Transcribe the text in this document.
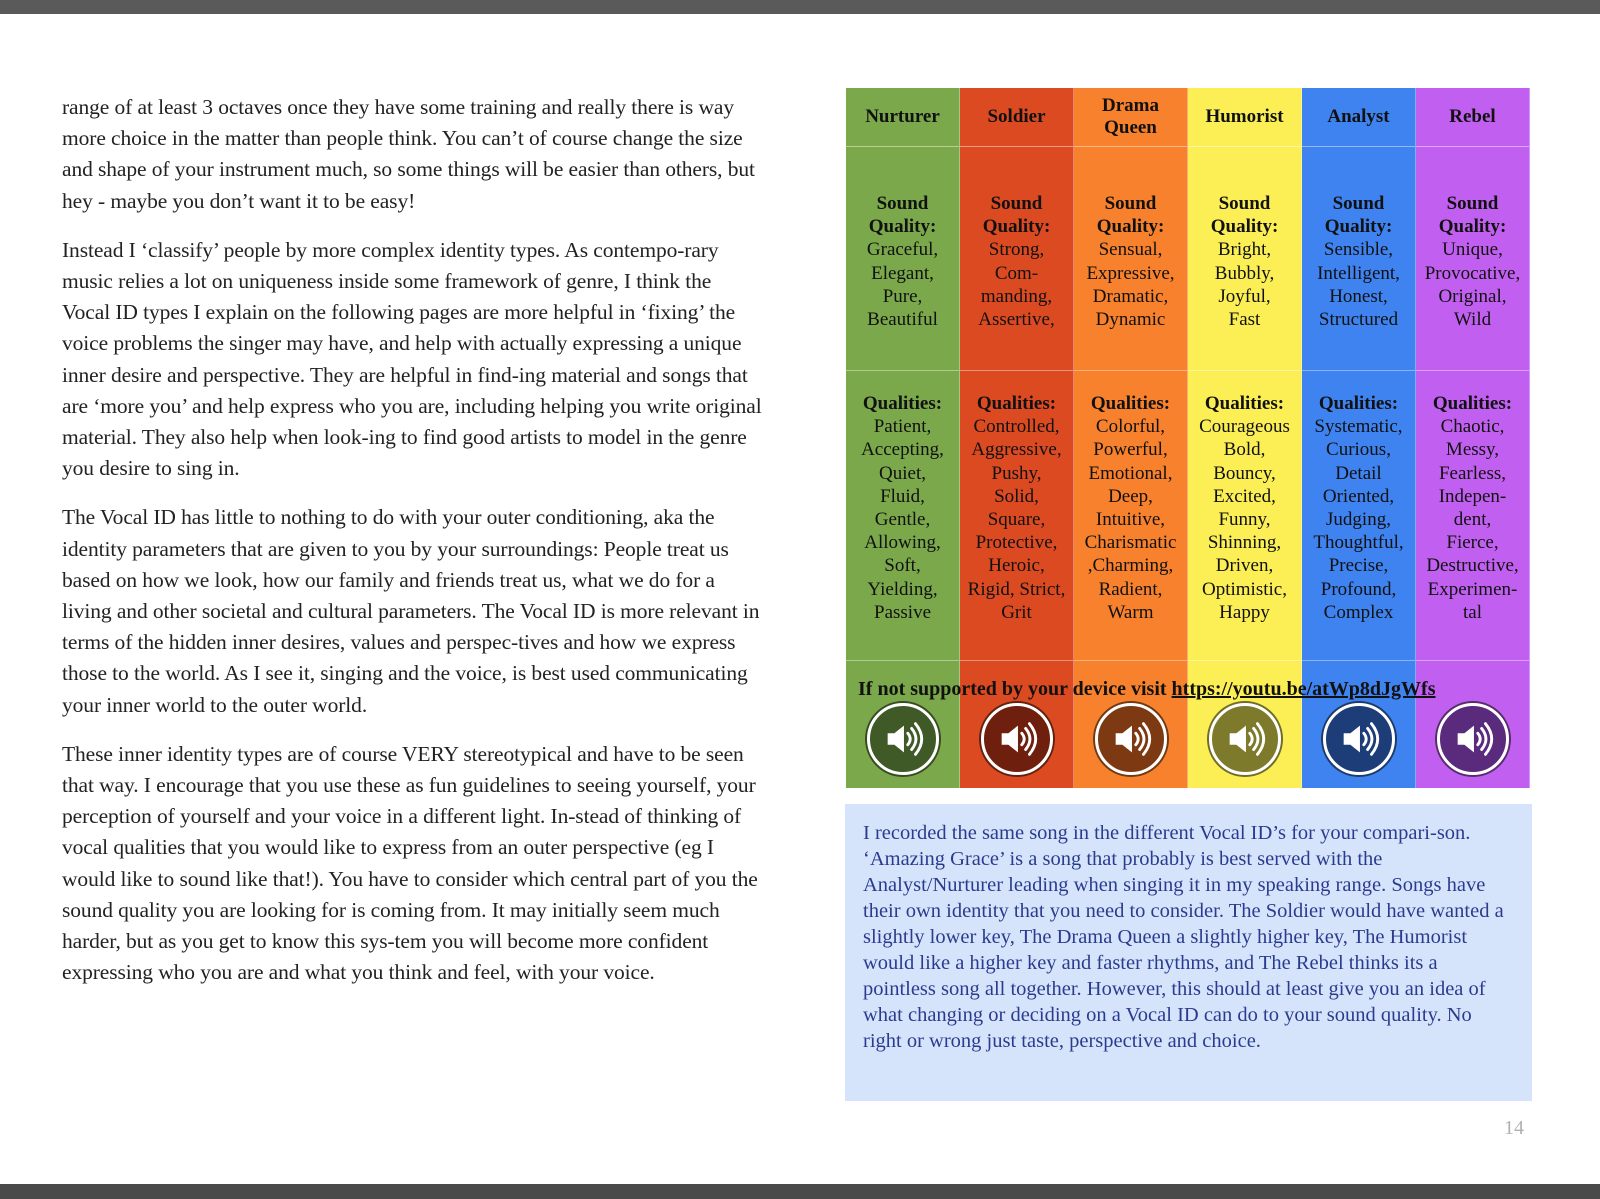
range of at least 3 octaves once they have some training and really there is way more choice in the matter than people think. You can’t of course change the size and shape of your instrument much, so some things will be easier than others, but hey - maybe you don’t want it to be easy!

Instead I ‘classify’ people by more complex identity types. As contempo-rary music relies a lot on uniqueness inside some framework of genre, I think the Vocal ID types I explain on the following pages are more helpful in ‘fixing’ the voice problems the singer may have, and help with actually expressing a unique inner desire and perspective. They are helpful in find-ing material and songs that are ‘more you’ and help express who you are, including helping you write original material. They also help when look-ing to find good artists to model in the genre you desire to sing in.

The Vocal ID has little to nothing to do with your outer conditioning, aka the identity parameters that are given to you by your surroundings: People treat us based on how we look, how our family and friends treat us, what we do for a living and other societal and cultural parameters. The Vocal ID is more relevant in terms of the hidden inner desires, values and perspec-tives and how we express those to the world. As I see it, singing and the voice, is best used communicating your inner world to the outer world.

These inner identity types are of course VERY stereotypical and have to be seen that way. I encourage that you use these as fun guidelines to seeing yourself, your perception of yourself and your voice in a different light. In-stead of thinking of vocal qualities that you would like to express from an outer perspective (eg I would like to sound like that!). You have to consider which central part of you the sound quality you are looking for is coming from. It may initially seem much harder, but as you get to know this sys-tem you will become more confident expressing who you are and what you think and feel, with your voice.

Nurturer
Sound Quality:
Graceful,
Elegant,
Pure,
Beautiful
Qualities:
Patient,
Accepting,
Quiet,
Fluid,
Gentle,
Allowing,
Soft,
Yielding,
Passive
Soldier
Sound Quality:
Strong,
Com-
manding,
Assertive,
Qualities:
Controlled,
Aggressive,
Pushy,
Solid,
Square,
Protective,
Heroic,
Rigid, Strict,
Grit
Drama
Queen
Sound Quality:
Sensual,
Expressive,
Dramatic,
Dynamic
Qualities:
Colorful,
Powerful,
Emotional,
Deep,
Intuitive,
Charismatic
,Charming,
Radient,
Warm
Humorist
Sound Quality:
Bright,
Bubbly,
Joyful,
Fast
Qualities:
Courageous
Bold,
Bouncy,
Excited,
Funny,
Shinning,
Driven,
Optimistic,
Happy
Analyst
Sound Quality:
Sensible,
Intelligent,
Honest,
Structured
Qualities:
Systematic,
Curious,
Detail
Oriented,
Judging,
Thoughtful,
Precise,
Profound,
Complex
Rebel
Sound Quality:
Unique,
Provocative,
Original,
Wild
Qualities:
Chaotic,
Messy,
Fearless,
Indepen-
dent,
Fierce,
Destructive,
Experimen-
tal
If not supported by your device visit https://youtu.be/atWp8dJgWfs
I recorded the same song in the different Vocal ID’s for your compari-son. ‘Amazing Grace’ is a song that probably is best served with the Analyst/Nurturer leading when singing it in my speaking range. Songs have their own identity that you need to consider. The Soldier would have wanted a slightly lower key, The Drama Queen a slightly higher key, The Humorist would like a higher key and faster rhythms, and The Rebel thinks its a pointless song all together. However, this should at least give you an idea of what changing or deciding on a Vocal ID can do to your sound quality. No right or wrong just taste, perspective and choice.
14
